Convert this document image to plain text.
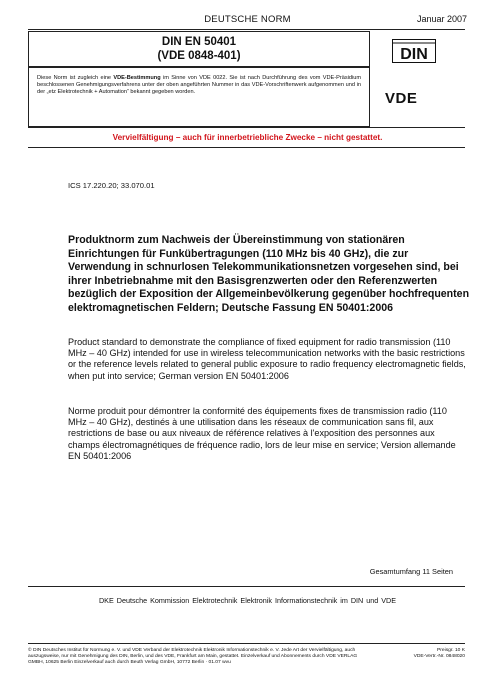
DEUTSCHE NORM	Januar 2007
DIN EN 50401
(VDE 0848-401)	DIN
Diese Norm ist zugleich eine VDE-Bestimmung im Sinne von VDE 0022. Sie ist nach Durchführung des vom VDE-Präsidium beschlossenen Genehmigungsverfahrens unter der oben angeführten Nummer in das VDE-Vorschriftenwerk aufgenommen und in der „etz Elektrotechnik + Automation“ bekannt gegeben worden.	VDE
Vervielfältigung – auch für innerbetriebliche Zwecke – nicht gestattet.
ICS 17.220.20; 33.070.01
Produktnorm zum Nachweis der Übereinstimmung von stationären Einrichtungen für Funkübertragungen (110 MHz bis 40 GHz), die zur Verwendung in schnurlosen Telekommunikationsnetzen vorgesehen sind, bei ihrer Inbetriebnahme mit den Basisgrenzwerten oder den Referenzwerten bezüglich der Exposition der Allgemeinbevölkerung gegenüber hochfrequenten elektromagnetischen Feldern; Deutsche Fassung EN 50401:2006
Product standard to demonstrate the compliance of fixed equipment for radio transmission (110 MHz – 40 GHz) intended for use in wireless telecommunication networks with the basic restrictions or the reference levels related to general public exposure to radio frequency electromagnetic fields, when put into service; German version EN 50401:2006
Norme produit pour démontrer la conformité des équipements fixes de transmission radio (110 MHz – 40 GHz), destinés à une utilisation dans les réseaux de communication sans fil, aux restrictions de base ou aux niveaux de référence relatives à l'exposition des personnes aux champs électromagnétiques de fréquence radio, lors de leur mise en service; Version allemande EN 50401:2006
Gesamtumfang 11 Seiten
DKE Deutsche Kommission Elektrotechnik Elektronik Informationstechnik im DIN und VDE
© DIN Deutsches Institut für Normung e. V. und VDE Verband der Elektrotechnik Elektronik Informationstechnik e. V. Jede Art der Vervielfältigung, auch auszugsweise, nur mit Genehmigung des DIN, Berlin, und des VDE, Frankfurt am Main, gestattet. Einzelverkauf und Abonnements durch VDE VERLAG GMBH, 10625 Berlin Einzelverkauf auch durch Beuth Verlag GmbH, 10772 Berlin · 01.07 wvu
Preisgr. 10 K
VDE-Vertr.-Nr. 0848020
